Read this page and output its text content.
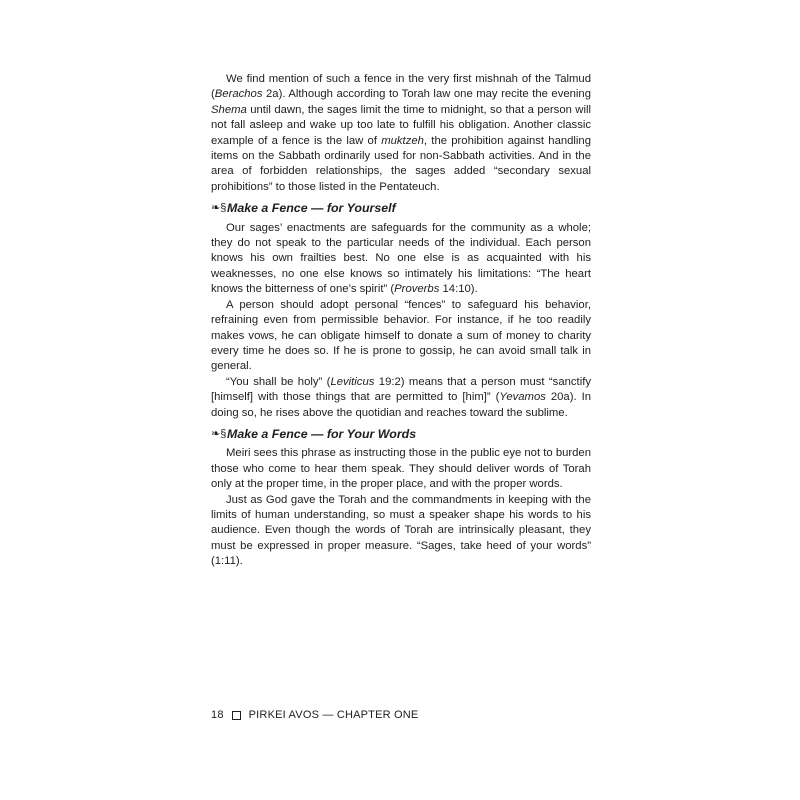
We find mention of such a fence in the very first mishnah of the Talmud (Berachos 2a). Although according to Torah law one may recite the evening Shema until dawn, the sages limit the time to midnight, so that a person will not fall asleep and wake up too late to fulfill his obligation. Another classic example of a fence is the law of muktzeh, the prohibition against handling items on the Sabbath ordinarily used for non-Sabbath activities. And in the area of forbidden relationships, the sages added “secondary sexual prohibitions” to those listed in the Pentateuch.

❧§ Make a Fence — for Yourself

Our sages’ enactments are safeguards for the community as a whole; they do not speak to the particular needs of the individual. Each person knows his own frailties best. No one else is as acquainted with his weaknesses, no one else knows so intimately his limitations: “The heart knows the bitterness of one’s spirit” (Proverbs 14:10).

A person should adopt personal “fences” to safeguard his behavior, refraining even from permissible behavior. For instance, if he too readily makes vows, he can obligate himself to donate a sum of money to charity every time he does so. If he is prone to gossip, he can avoid small talk in general.

“You shall be holy” (Leviticus 19:2) means that a person must “sanctify [himself] with those things that are permitted to [him]” (Yevamos 20a). In doing so, he rises above the quotidian and reaches toward the sublime.

❧§ Make a Fence — for Your Words

Meiri sees this phrase as instructing those in the public eye not to burden those who come to hear them speak. They should deliver words of Torah only at the proper time, in the proper place, and with the proper words.

Just as God gave the Torah and the commandments in keeping with the limits of human understanding, so must a speaker shape his words to his audience. Even though the words of Torah are intrinsically pleasant, they must be expressed in proper measure. “Sages, take heed of your words” (1:11).

18 PIRKEI AVOS — CHAPTER ONE
